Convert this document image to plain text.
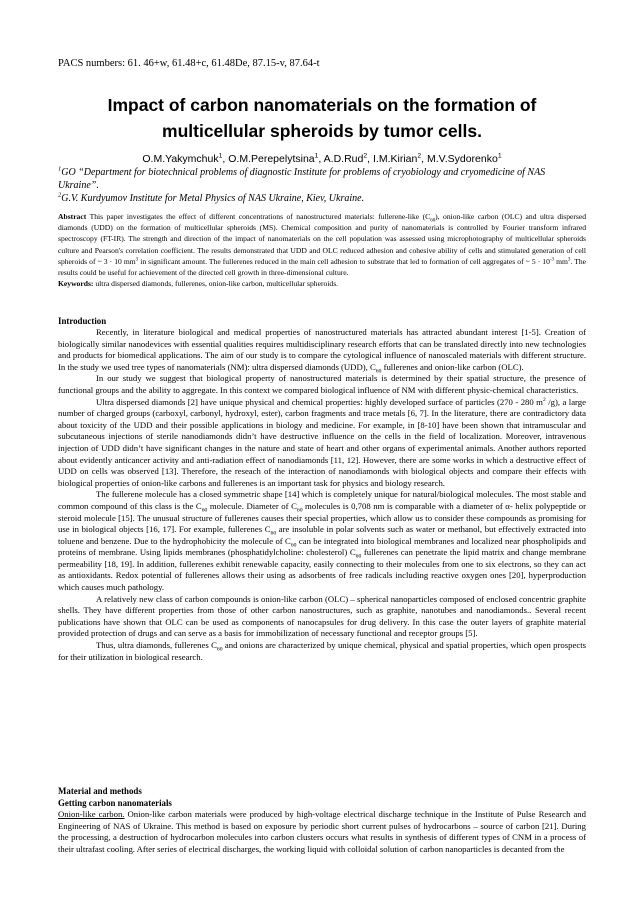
PACS numbers: 61. 46+w, 61.48+c, 61.48De, 87.15-v, 87.64-t
Impact of carbon nanomaterials on the formation of
multicellular spheroids by tumor cells.
O.M.Yakymchuk$^1$, O.M.Perepelytsina$^1$, A.D.Rud$^2$, I.M.Kirian$^2$, M.V.Sydorenko$^1$
$^1$GO “Department for biotechnical problems of diagnostic Institute for problems of cryobiology and cryomedicine of NAS Ukraine”.
$^2$G.V. Kurdyumov Institute for Metal Physics of NAS Ukraine, Kiev, Ukraine.

Abstract This paper investigates the effect of different concentrations of nanostructured materials: fullerene-like $(C_{60})$, onion-like carbon (OLC) and ultra dispersed diamonds (UDD) on the formation of multicellular spheroids (MS). Chemical composition and purity of nanomaterials is controlled by Fourier transform infrared spectroscopy (FT-IR). The strength and direction of the impact of nanomaterials on the cell population was assessed using microphotography of multicellular spheroids culture and Pearson's correlation coefficient. The results demonstrated that UDD and OLC reduced adhesion and cohesive ability of cells and stimulated generation of cell spheroids of ~ 3 · 10 $mm^3$ in significant amount. The fullerenes reduced in the main cell adhesion to substrate that led to formation of cell aggregates of ~ $5 \cdot 10^{-3}$ $mm^3$. The results could be useful for achievement of the directed cell growth in three-dimensional culture.

Keywords: ultra dispersed diamonds, fullerenes, onion-like carbon, multicellular spheroids.

Introduction

Recently, in literature biological and medical properties of nanostructured materials has attracted abundant interest [1-5]. Creation of biologically similar nanodevices with essential qualities requires multidisciplinary research efforts that can be translated directly into new technologies and products for biomedical applications. The aim of our study is to compare the cytological influence of nanoscaled materials with different structure. In the study we used tree types of nanomaterials (NM): ultra dispersed diamonds (UDD), $C_{60}$ fullerenes and onion-like carbon (OLC).

In our study we suggest that biological property of nanostructured materials is determined by their spatial structure, the presence of functional groups and the ability to aggregate. In this context we compared biological influence of NM with different physic-chemical characteristics.

Ultra dispersed diamonds [2] have unique physical and chemical properties: highly developed surface of particles (270 - 280 $m^2$ /g), a large number of charged groups (carboxyl, carbonyl, hydroxyl, ester), carbon fragments and trace metals [6, 7]. In the literature, there are contradictory data about toxicity of the UDD and their possible applications in biology and medicine. For example, in [8-10] have been shown that intramuscular and subcutaneous injections of sterile nanodiamonds didn’t have destructive influence on the cells in the field of localization. Moreover, intravenous injection of UDD didn’t have significant changes in the nature and state of heart and other organs of experimental animals. Another authors reported about evidently anticancer activity and anti-radiation effect of nanodiamonds [11, 12]. However, there are some works in which a destructive effect of UDD on cells was observed [13]. Therefore, the reseach of the interaction of nanodiamonds with biological objects and compare their effects with biological properties of onion-like carbons and fullerenes is an important task for physics and biology research.

The fullerene molecule has a closed symmetric shape [14] which is completely unique for natural/biological molecules. The most stable and common compound of this class is the $C_{60}$ molecule. Diameter of $C_{60}$ molecules is 0,708 nm is comparable with a diameter of α- helix polypeptide or steroid molecule [15]. The unusual structure of fullerenes causes their special properties, which allow us to consider these compounds as promising for use in biological objects [16, 17]. For example, fullerenes $C_{60}$ are insoluble in polar solvents such as water or methanol, but effectively extracted into toluene and benzene. Due to the hydrophobicity the molecule of $C_{60}$ can be integrated into biological membranes and localized near phospholipids and proteins of membrane. Using lipids membranes (phosphatidylcholine: cholesterol) $C_{60}$ fullerenes can penetrate the lipid matrix and change membrane permeability [18, 19]. In addition, fullerenes exhibit renewable capacity, easily connecting to their molecules from one to six electrons, so they can act as antioxidants. Redox potential of fullerenes allows their using as adsorbents of free radicals including reactive oxygen ones [20], hyperproduction which causes much pathology.

A relatively new class of carbon compounds is onion-like carbon (OLC) – spherical nanoparticles composed of enclosed concentric graphite shells. They have different properties from those of other carbon nanostructures, such as graphite, nanotubes and nanodiamonds.. Several recent publications have shown that OLC can be used as components of nanocapsules for drug delivery. In this case the outer layers of graphite material provided protection of drugs and can serve as a basis for immobilization of necessary functional and receptor groups [5].

Thus, ultra diamonds, fullerenes $C_{60}$ and onions are characterized by unique chemical, physical and spatial properties, which open prospects for their utilization in biological research.

Material and methods

Getting carbon nanomaterials

Onion-like carbon. Onion-like carbon materials were produced by high-voltage electrical discharge technique in the Institute of Pulse Research and Engineering of NAS of Ukraine. This method is based on exposure by periodic short current pulses of hydrocarbons – source of carbon [21]. During the processing, a destruction of hydrocarbon molecules into carbon clusters occurs what results in synthesis of different types of CNM in a process of their ultrafast cooling. After series of electrical discharges, the working liquid with colloidal solution of carbon nanoparticles is decanted from the
